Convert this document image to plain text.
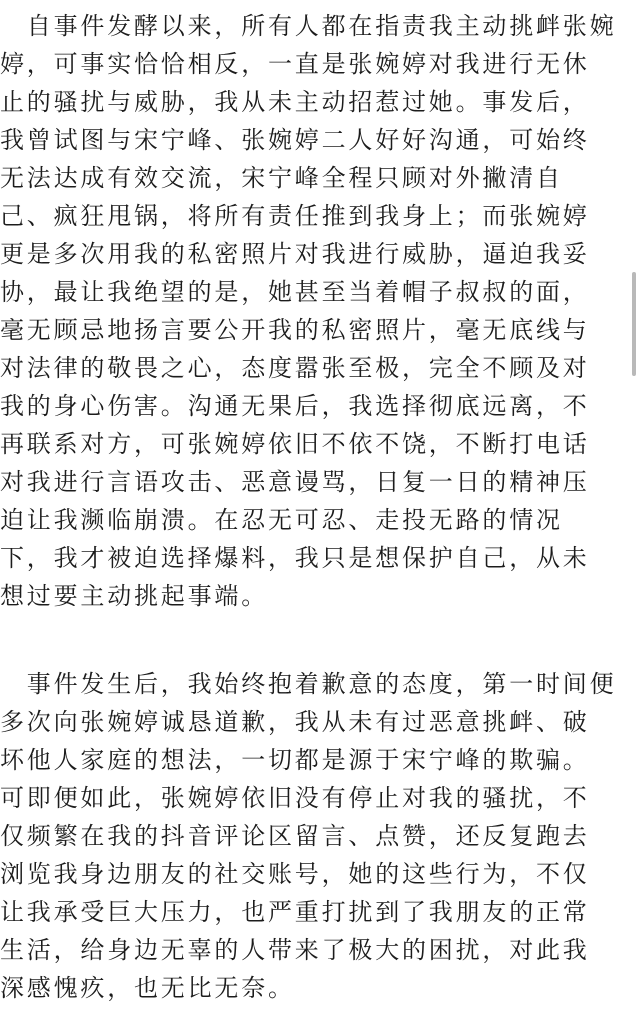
　自事件发酵以来，所有人都在指责我主动挑衅张婉
婷，可事实恰恰相反，一直是张婉婷对我进行无休
止的骚扰与威胁，我从未主动招惹过她。事发后，
我曾试图与宋宁峰、张婉婷二人好好沟通，可始终
无法达成有效交流，宋宁峰全程只顾对外撇清自
己、疯狂甩锅，将所有责任推到我身上；而张婉婷
更是多次用我的私密照片对我进行威胁，逼迫我妥
协，最让我绝望的是，她甚至当着帽子叔叔的面，
毫无顾忌地扬言要公开我的私密照片，毫无底线与
对法律的敬畏之心，态度嚣张至极，完全不顾及对
我的身心伤害。沟通无果后，我选择彻底远离，不
再联系对方，可张婉婷依旧不依不饶，不断打电话
对我进行言语攻击、恶意谩骂，日复一日的精神压
迫让我濒临崩溃。在忍无可忍、走投无路的情况
下，我才被迫选择爆料，我只是想保护自己，从未
想过要主动挑起事端。
　事件发生后，我始终抱着歉意的态度，第一时间便
多次向张婉婷诚恳道歉，我从未有过恶意挑衅、破
坏他人家庭的想法，一切都是源于宋宁峰的欺骗。
可即便如此，张婉婷依旧没有停止对我的骚扰，不
仅频繁在我的抖音评论区留言、点赞，还反复跑去
浏览我身边朋友的社交账号，她的这些行为，不仅
让我承受巨大压力，也严重打扰到了我朋友的正常
生活，给身边无辜的人带来了极大的困扰，对此我
深感愧疚，也无比无奈。
